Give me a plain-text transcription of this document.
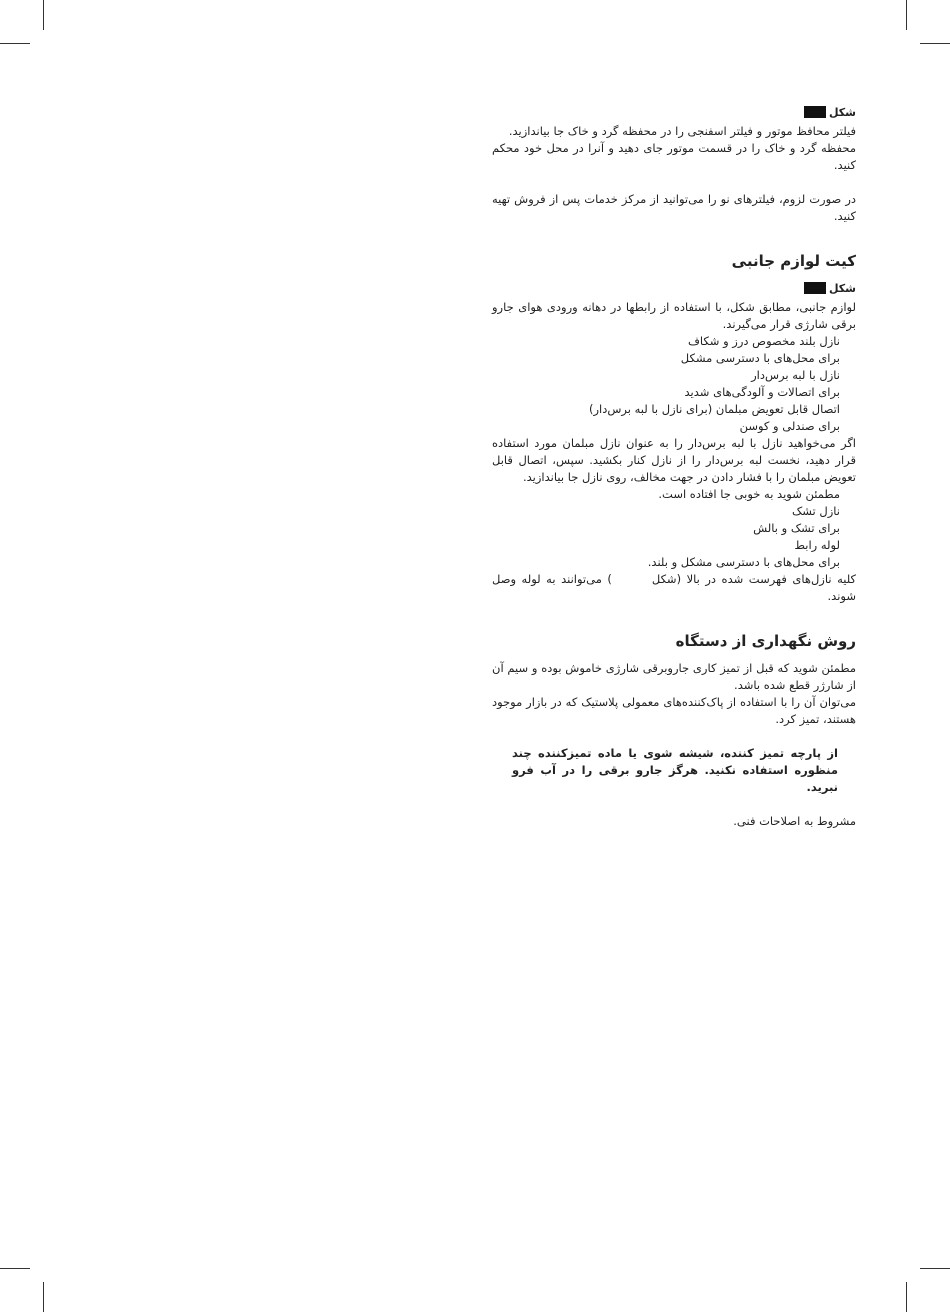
شکل

فیلتر محافظ موتور و فیلتر اسفنجی را در محفظه گرد و خاک جا بیاندازید.

محفظه گرد و خاک را در قسمت موتور جای دهید و آنرا در محل خود محکم کنید.

در صورت لزوم، فیلترهای نو را می‌توانید از مرکز خدمات پس از فروش تهیه کنید.

کیت لوازم جانبی
شکل

لوازم جانبی، مطابق شکل، با استفاده از رابطها در دهانه ورودی هوای جارو برقی شارژی قرار می‌گیرند.

نازل بلند مخصوص درز و شکاف

برای محل‌های با دسترسی مشکل

نازل با لبه برس‌دار

برای اتصالات و آلودگی‌های شدید

اتصال قابل تعویض مبلمان (برای نازل با لبه برس‌دار)

برای صندلی و کوسن

اگر می‌خواهید نازل با لبه برس‌دار را به عنوان نازل مبلمان مورد استفاده قرار دهید، نخست لبه برس‌دار را از نازل کنار بکشید. سپس، اتصال قابل تعویض مبلمان را با فشار دادن در جهت مخالف، روی نازل جا بیاندازید.

مطمئن شوید به خوبی جا افتاده است.

نازل تشک

برای تشک و بالش

لوله رابط

برای محل‌های با دسترسی مشکل و بلند.

کلیه نازل‌های فهرست شده در بالا (شکل) می‌توانند به لوله وصل شوند.

روش نگهداری از دستگاه

مطمئن شوید که قبل از تمیز کاری جاروبرقی شارژی خاموش بوده و سیم آن از شارژر قطع شده باشد.

می‌توان آن را با استفاده از پاک‌کننده‌های معمولی پلاستیک که در بازار موجود هستند، تمیز کرد.

از پارچه تمیز کننده، شیشه شوی یا ماده تمیزکننده چند منظوره استفاده نکنید. هرگز جارو برقی را در آب فرو نبرید.

مشروط به اصلاحات فنی.
